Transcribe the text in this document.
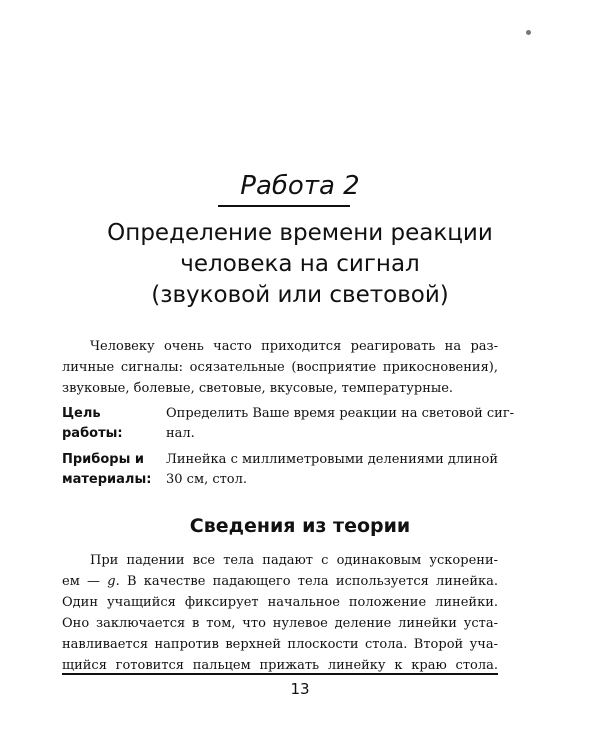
Работа 2
Определение времени реакции
человека на сигнал
(звуковой или световой)
Человеку очень часто приходится реагировать на раз-
личные сигналы: осязательные (восприятие прикосновения),
звуковые, болевые, световые, вкусовые, температурные.
Цель
работы:
Определить Ваше время реакции на световой сиг-
нал.
Приборы и
материалы:
Линейка с миллиметровыми делениями длиной
30 см, стол.
Сведения из теории
При падении все тела падают с одинаковым ускорени-
ем — g. В качестве падающего тела используется линейка.
Один учащийся фиксирует начальное положение линейки.
Оно заключается в том, что нулевое деление линейки уста-
навливается напротив верхней плоскости стола. Второй уча-
щийся готовится пальцем прижать линейку к краю стола.
13
